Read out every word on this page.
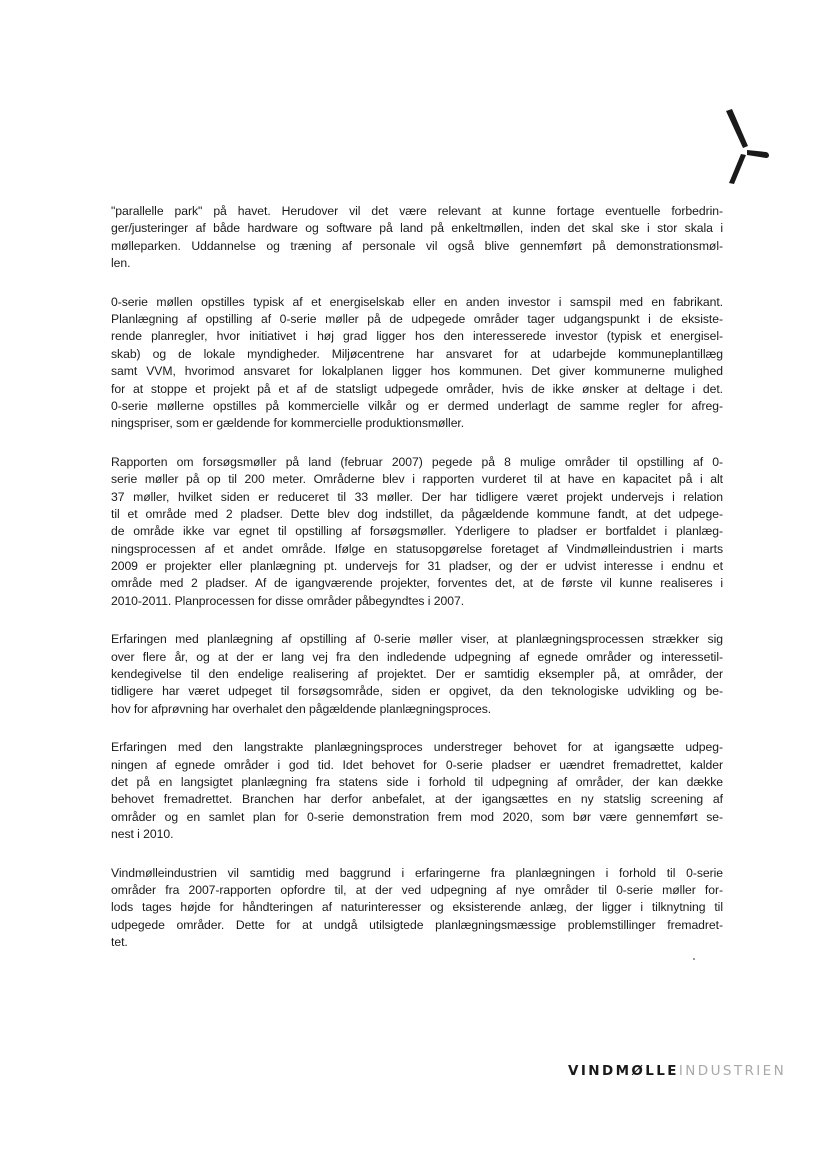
"parallelle park" på havet. Herudover vil det være relevant at kunne fortage eventuelle forbedrin-
ger/justeringer af både hardware og software på land på enkeltmøllen, inden det skal ske i stor skala i
mølleparken. Uddannelse og træning af personale vil også blive gennemført på demonstrationsmøl-
len.

0-serie møllen opstilles typisk af et energiselskab eller en anden investor i samspil med en fabrikant.
Planlægning af opstilling af 0-serie møller på de udpegede områder tager udgangspunkt i de eksiste-
rende planregler, hvor initiativet i høj grad ligger hos den interesserede investor (typisk et energisel-
skab) og de lokale myndigheder. Miljøcentrene har ansvaret for at udarbejde kommuneplantillæg
samt VVM, hvorimod ansvaret for lokalplanen ligger hos kommunen. Det giver kommunerne mulighed
for at stoppe et projekt på et af de statsligt udpegede områder, hvis de ikke ønsker at deltage i det.
0-serie møllerne opstilles på kommercielle vilkår og er dermed underlagt de samme regler for afreg-
ningspriser, som er gældende for kommercielle produktionsmøller.

Rapporten om forsøgsmøller på land (februar 2007) pegede på 8 mulige områder til opstilling af 0-
serie møller på op til 200 meter. Områderne blev i rapporten vurderet til at have en kapacitet på i alt
37 møller, hvilket siden er reduceret til 33 møller. Der har tidligere været projekt undervejs i relation
til et område med 2 pladser. Dette blev dog indstillet, da pågældende kommune fandt, at det udpege-
de område ikke var egnet til opstilling af forsøgsmøller. Yderligere to pladser er bortfaldet i planlæg-
ningsprocessen af et andet område. Ifølge en statusopgørelse foretaget af Vindmølleindustrien i marts
2009 er projekter eller planlægning pt. undervejs for 31 pladser, og der er udvist interesse i endnu et
område med 2 pladser. Af de igangværende projekter, forventes det, at de første vil kunne realiseres i
2010-2011. Planprocessen for disse områder påbegyndtes i 2007.

Erfaringen med planlægning af opstilling af 0-serie møller viser, at planlægningsprocessen strækker sig
over flere år, og at der er lang vej fra den indledende udpegning af egnede områder og interessetil-
kendegivelse til den endelige realisering af projektet. Der er samtidig eksempler på, at områder, der
tidligere har været udpeget til forsøgsområde, siden er opgivet, da den teknologiske udvikling og be-
hov for afprøvning har overhalet den pågældende planlægningsproces.

Erfaringen med den langstrakte planlægningsproces understreger behovet for at igangsætte udpeg-
ningen af egnede områder i god tid. Idet behovet for 0-serie pladser er uændret fremadrettet, kalder
det på en langsigtet planlægning fra statens side i forhold til udpegning af områder, der kan dække
behovet fremadrettet. Branchen har derfor anbefalet, at der igangsættes en ny statslig screening af
områder og en samlet plan for 0-serie demonstration frem mod 2020, som bør være gennemført se-
nest i 2010.

Vindmølleindustrien vil samtidig med baggrund i erfaringerne fra planlægningen i forhold til 0-serie
områder fra 2007-rapporten opfordre til, at der ved udpegning af nye områder til 0-serie møller for-
lods tages højde for håndteringen af naturinteresser og eksisterende anlæg, der ligger i tilknytning til
udpegede områder. Dette for at undgå utilsigtede planlægningsmæssige problemstillinger fremadret-
tet.

VINDMØLLEINDUSTRIEN
